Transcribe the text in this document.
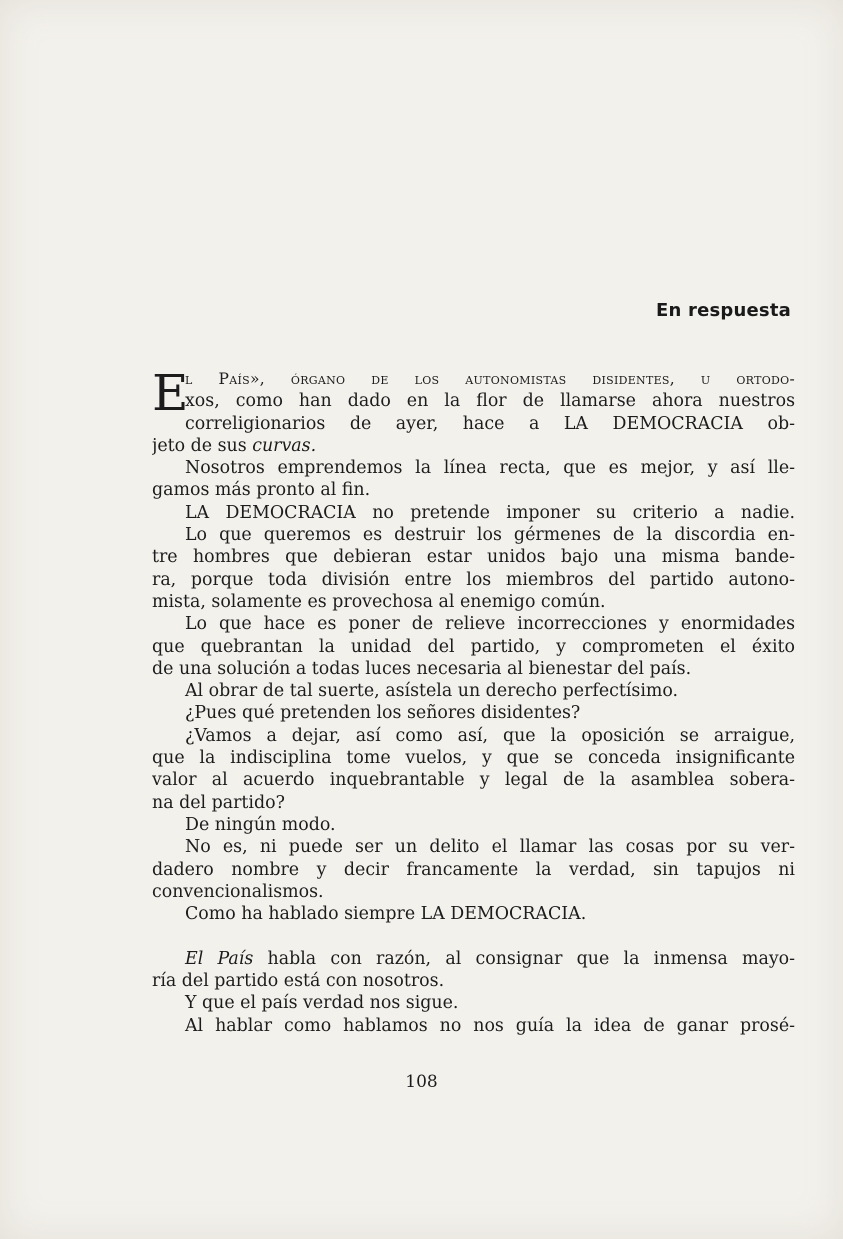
En respuesta
E
l País», órgano de los autonomistas disidentes, u ortodo-
xos, como han dado en la flor de llamarse ahora nuestros
correligionarios de ayer, hace a LA DEMOCRACIA ob-
jeto de sus curvas.
Nosotros emprendemos la línea recta, que es mejor, y así lle-
gamos más pronto al fin.
LA DEMOCRACIA no pretende imponer su criterio a nadie.
Lo que queremos es destruir los gérmenes de la discordia en-
tre hombres que debieran estar unidos bajo una misma bande-
ra, porque toda división entre los miembros del partido autono-
mista, solamente es provechosa al enemigo común.
Lo que hace es poner de relieve incorrecciones y enormidades
que quebrantan la unidad del partido, y comprometen el éxito
de una solución a todas luces necesaria al bienestar del país.
Al obrar de tal suerte, asístela un derecho perfectísimo.
¿Pues qué pretenden los señores disidentes?
¿Vamos a dejar, así como así, que la oposición se arraigue,
que la indisciplina tome vuelos, y que se conceda insignificante
valor al acuerdo inquebrantable y legal de la asamblea sobera-
na del partido?
De ningún modo.
No es, ni puede ser un delito el llamar las cosas por su ver-
dadero nombre y decir francamente la verdad, sin tapujos ni
convencionalismos.
Como ha hablado siempre LA DEMOCRACIA.
El País habla con razón, al consignar que la inmensa mayo-
ría del partido está con nosotros.
Y que el país verdad nos sigue.
Al hablar como hablamos no nos guía la idea de ganar prosé-
108
